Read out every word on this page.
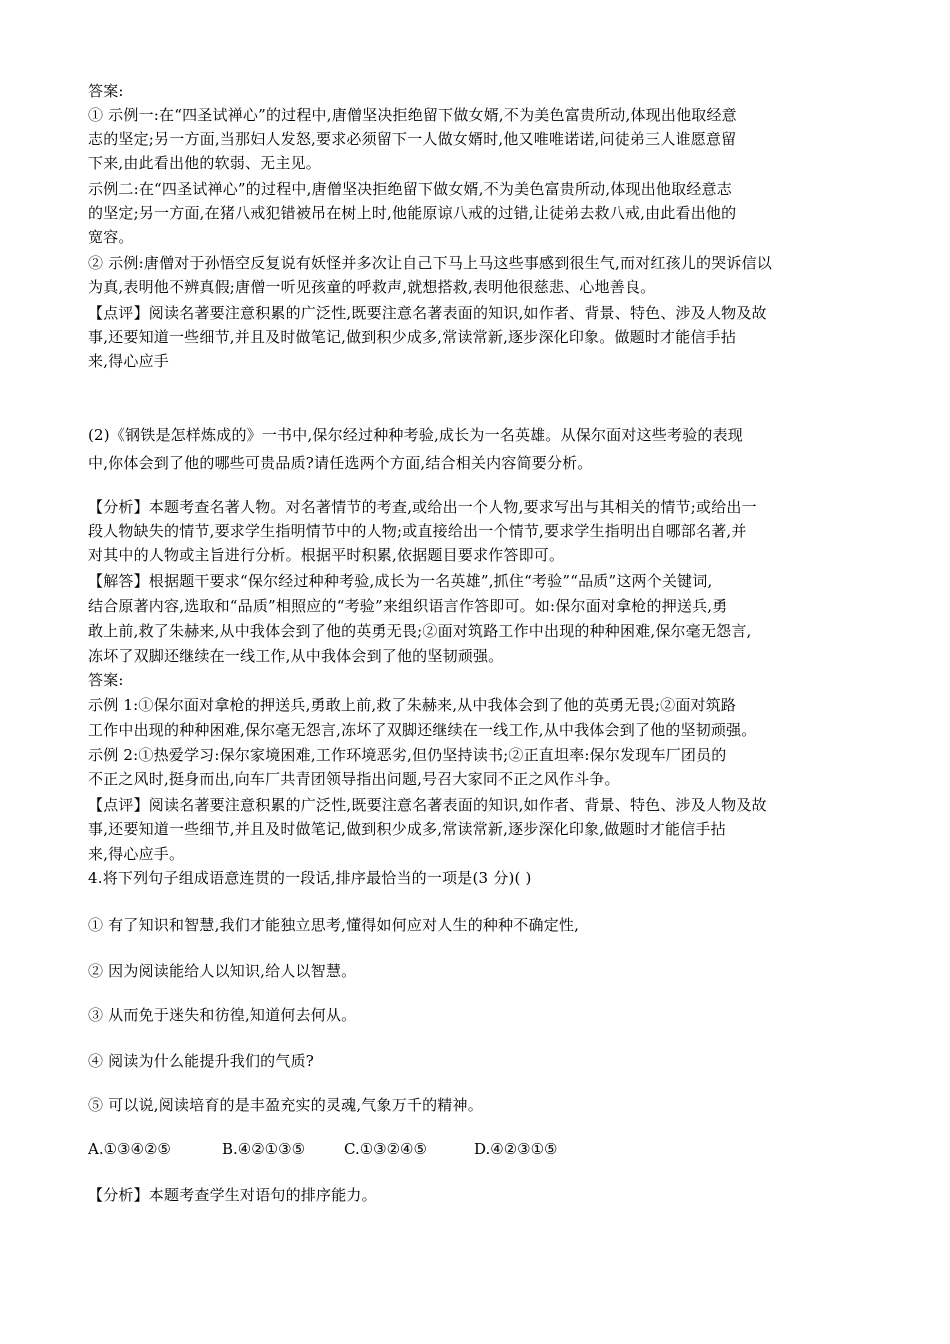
答案:

① 示例一:在“四圣试禅心”的过程中,唐僧坚决拒绝留下做女婿,不为美色富贵所动,体现出他取经意

志的坚定;另一方面,当那妇人发怒,要求必须留下一人做女婿时,他又唯唯诺诺,问徒弟三人谁愿意留

下来,由此看出他的软弱、无主见。

示例二:在“四圣试禅心”的过程中,唐僧坚决拒绝留下做女婿,不为美色富贵所动,体现出他取经意志

的坚定;另一方面,在猪八戒犯错被吊在树上时,他能原谅八戒的过错,让徒弟去救八戒,由此看出他的

宽容。

② 示例:唐僧对于孙悟空反复说有妖怪并多次让自己下马上马这些事感到很生气,而对红孩儿的哭诉信以

为真,表明他不辨真假;唐僧一听见孩童的呼救声,就想搭救,表明他很慈悲、心地善良。

【点评】阅读名著要注意积累的广泛性,既要注意名著表面的知识,如作者、背景、特色、涉及人物及故

事,还要知道一些细节,并且及时做笔记,做到积少成多,常读常新,逐步深化印象。做题时才能信手拈

来,得心应手

(2)《钢铁是怎样炼成的》一书中,保尔经过种种考验,成长为一名英雄。从保尔面对这些考验的表现

中,你体会到了他的哪些可贵品质?请任选两个方面,结合相关内容简要分析。

【分析】本题考查名著人物。对名著情节的考查,或给出一个人物,要求写出与其相关的情节;或给出一

段人物缺失的情节,要求学生指明情节中的人物;或直接给出一个情节,要求学生指明出自哪部名著,并

对其中的人物或主旨进行分析。根据平时积累,依据题目要求作答即可。

【解答】根据题干要求“保尔经过种种考验,成长为一名英雄”,抓住“考验”“品质”这两个关键词,

结合原著内容,选取和“品质”相照应的“考验”来组织语言作答即可。如:保尔面对拿枪的押送兵,勇

敢上前,救了朱赫来,从中我体会到了他的英勇无畏;②面对筑路工作中出现的种种困难,保尔毫无怨言,

冻坏了双脚还继续在一线工作,从中我体会到了他的坚韧顽强。

答案:

示例 1:①保尔面对拿枪的押送兵,勇敢上前,救了朱赫来,从中我体会到了他的英勇无畏;②面对筑路

工作中出现的种种困难,保尔毫无怨言,冻坏了双脚还继续在一线工作,从中我体会到了他的坚韧顽强。

示例 2:①热爱学习:保尔家境困难,工作环境恶劣,但仍坚持读书;②正直坦率:保尔发现车厂团员的

不正之风时,挺身而出,向车厂共青团领导指出问题,号召大家同不正之风作斗争。

【点评】阅读名著要注意积累的广泛性,既要注意名著表面的知识,如作者、背景、特色、涉及人物及故

事,还要知道一些细节,并且及时做笔记,做到积少成多,常读常新,逐步深化印象,做题时才能信手拈

来,得心应手。

4.将下列句子组成语意连贯的一段话,排序最恰当的一项是(3 分)( )

① 有了知识和智慧,我们才能独立思考,懂得如何应对人生的种种不确定性,

② 因为阅读能给人以知识,给人以智慧。

③ 从而免于迷失和彷徨,知道何去何从。

④ 阅读为什么能提升我们的气质?

⑤ 可以说,阅读培育的是丰盈充实的灵魂,气象万千的精神。

A.①③④②⑤	B.④②①③⑤	C.①③②④⑤	D.④②③①⑤

【分析】本题考查学生对语句的排序能力。
